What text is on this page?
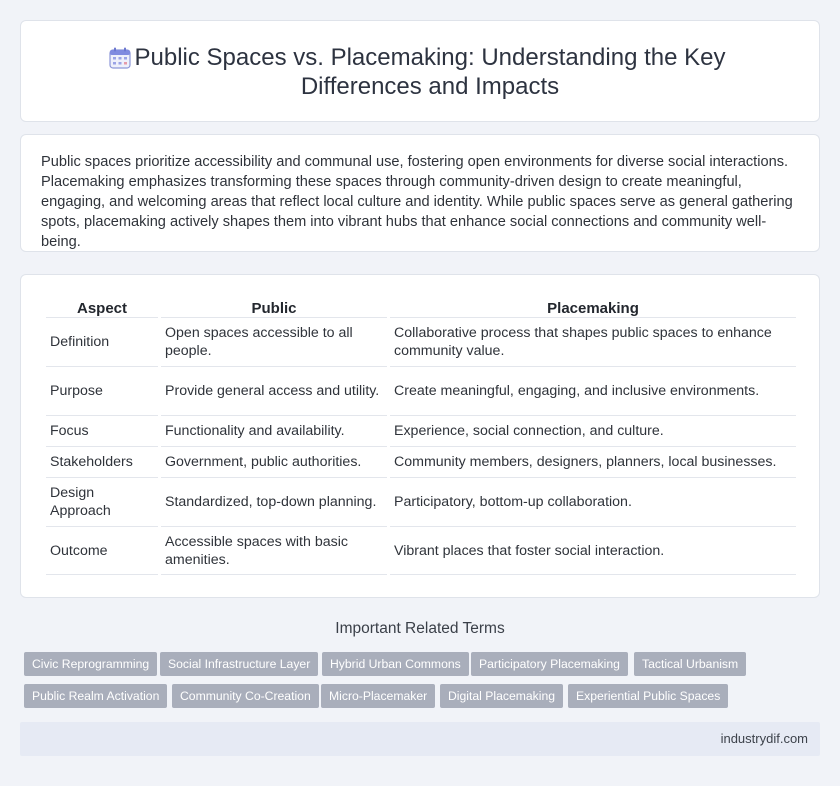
Public Spaces vs. Placemaking: Understanding the Key Differences and Impacts

Public spaces prioritize accessibility and communal use, fostering open environments for diverse social interactions. Placemaking emphasizes transforming these spaces through community-driven design to create meaningful, engaging, and welcoming areas that reflect local culture and identity. While public spaces serve as general gathering spots, placemaking actively shapes them into vibrant hubs that enhance social connections and community well-being.

Aspect	Public	Placemaking
Definition	Open spaces accessible to all people.	Collaborative process that shapes public spaces to enhance community value.
Purpose	Provide general access and utility.	Create meaningful, engaging, and inclusive environments.
Focus	Functionality and availability.	Experience, social connection, and culture.
Stakeholders	Government, public authorities.	Community members, designers, planners, local businesses.
Design Approach	Standardized, top-down planning.	Participatory, bottom-up collaboration.
Outcome	Accessible spaces with basic amenities.	Vibrant places that foster social interaction.
Important Related Terms
Civic Reprogramming	Social Infrastructure Layer	Hybrid Urban Commons	Participatory Placemaking	Tactical Urbanism
Public Realm Activation	Community Co-Creation	Micro-Placemaker	Digital Placemaking	Experiential Public Spaces
industrydif.com
